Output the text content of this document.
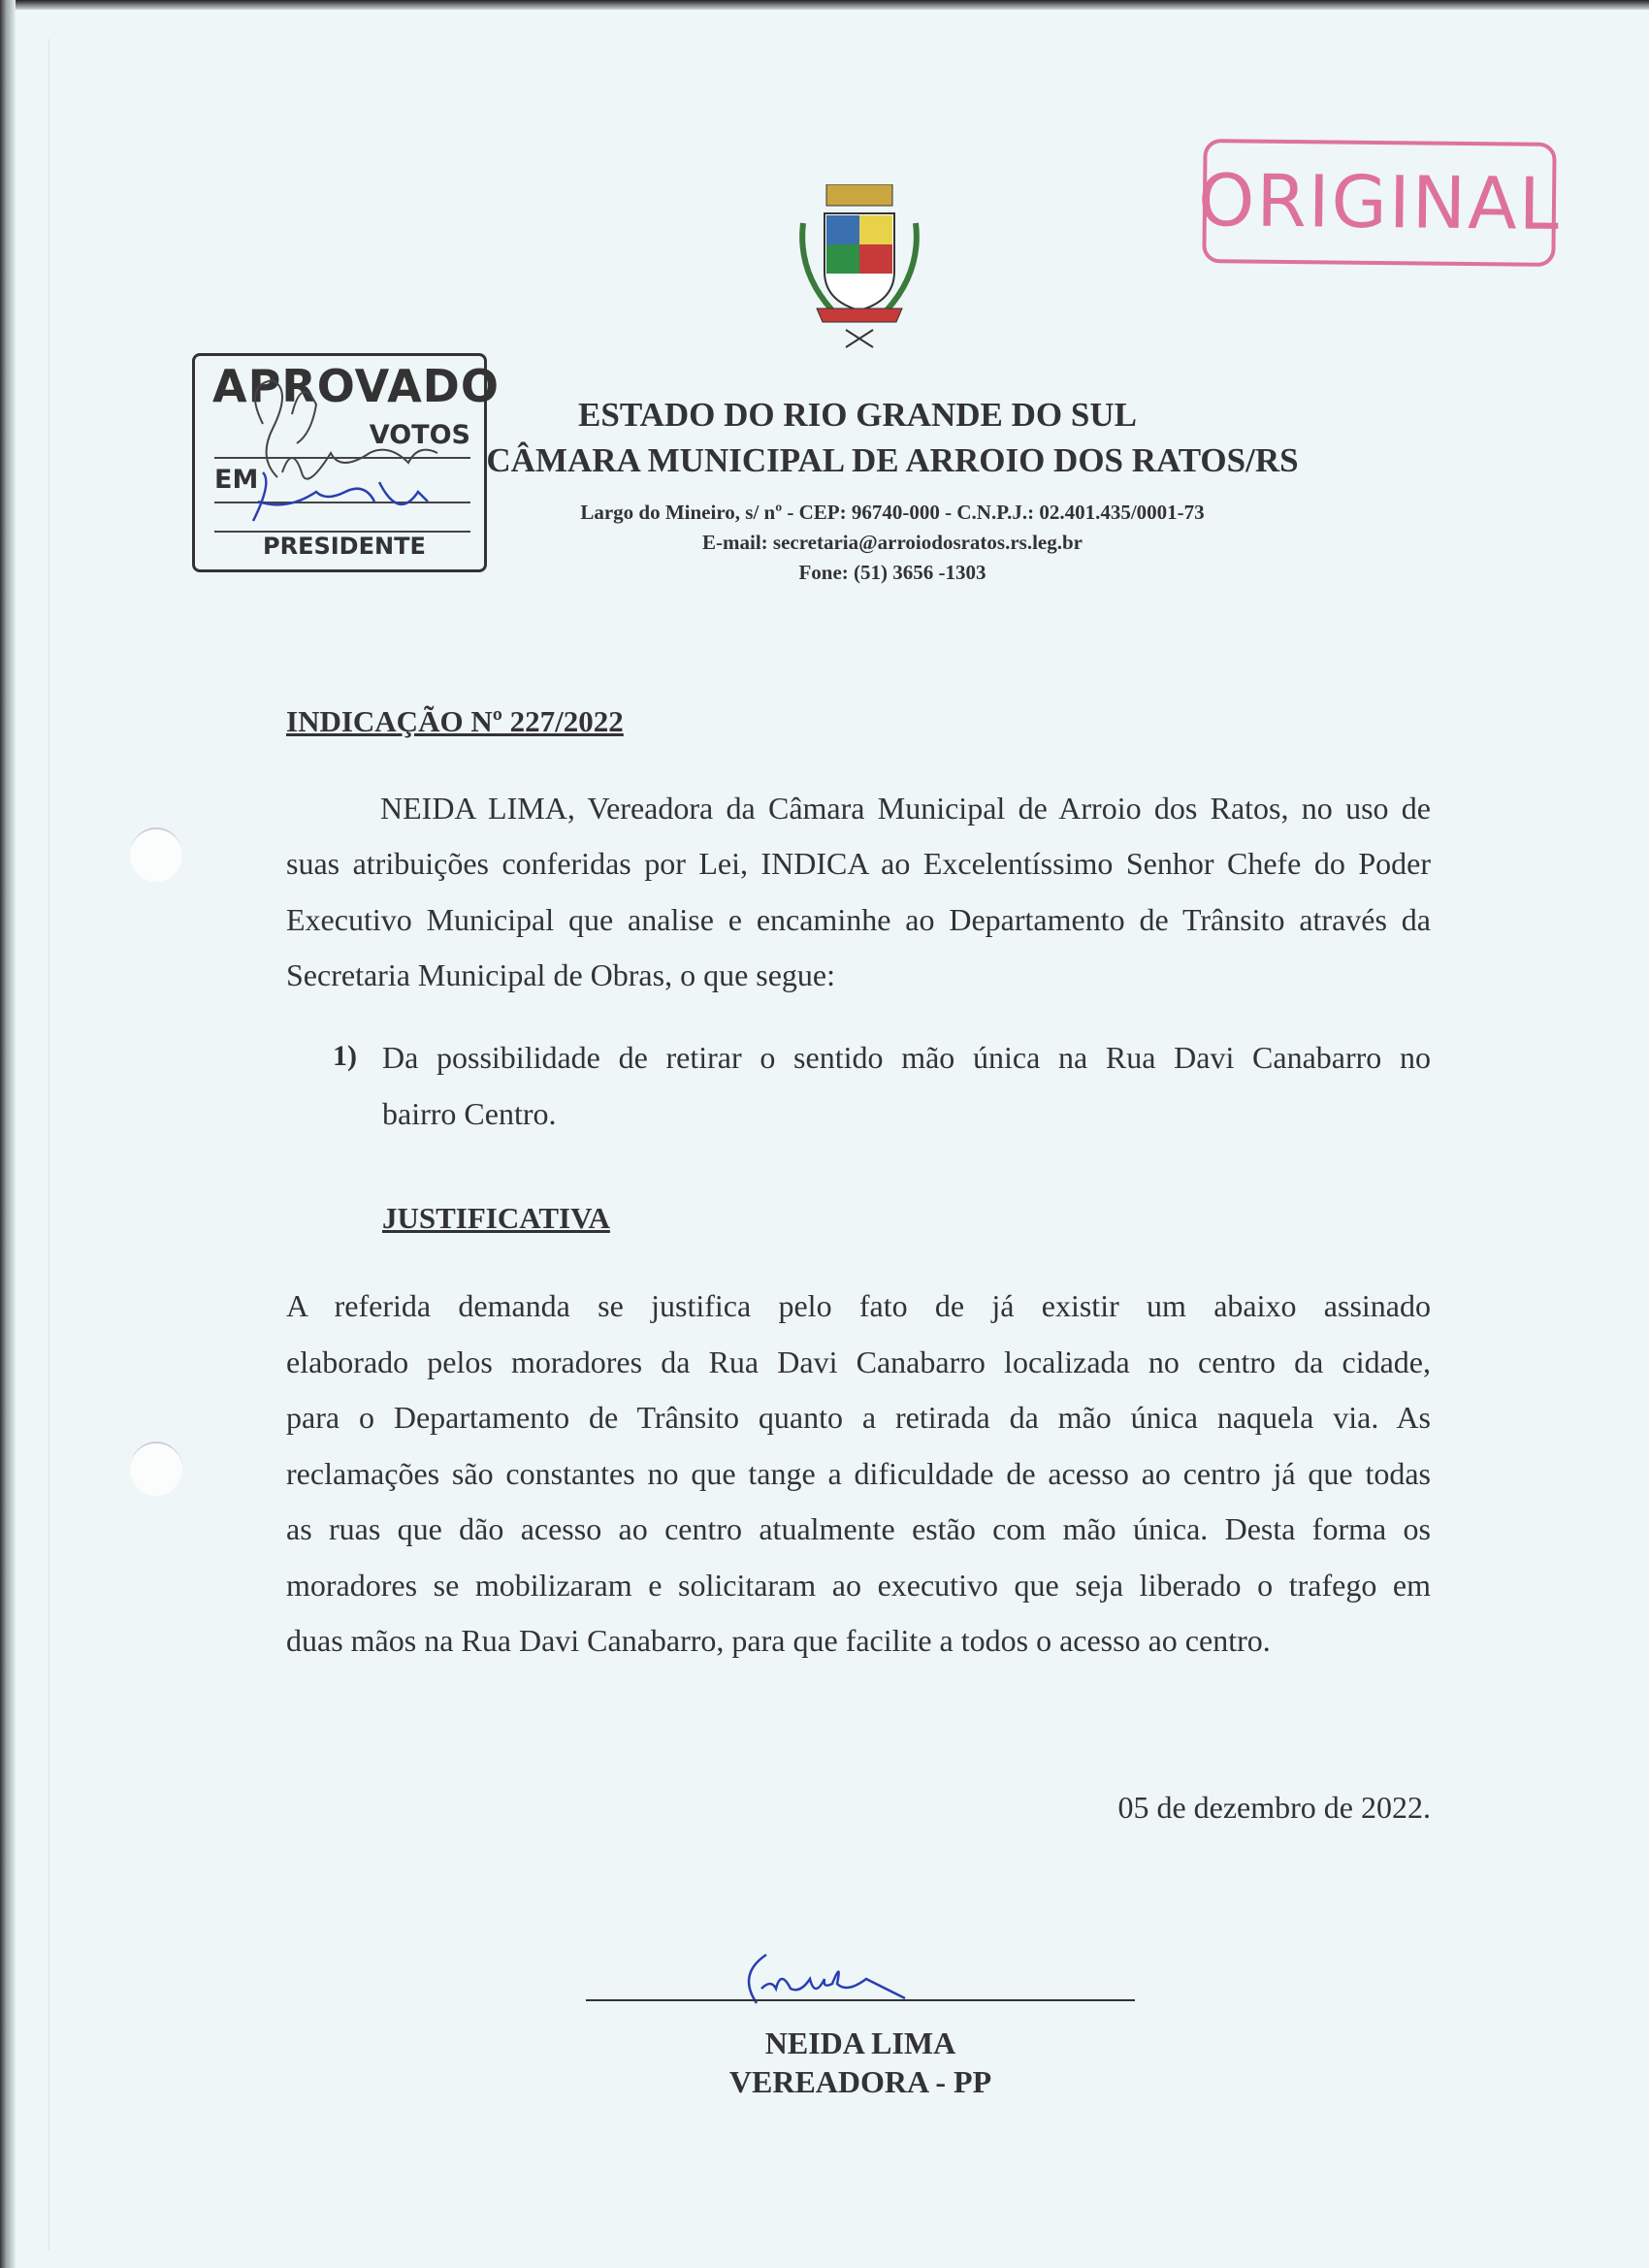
ORIGINAL
APROVADO
VOTOS
EM
PRESIDENTE
ESTADO DO RIO GRANDE DO SUL
CÂMARA MUNICIPAL DE ARROIO DOS RATOS/RS
Largo do Mineiro, s/ nº - CEP: 96740-000 - C.N.P.J.: 02.401.435/0001-73
E-mail: secretaria@arroiodosratos.rs.leg.br
Fone: (51) 3656 -1303
INDICAÇÃO Nº 227/2022
NEIDA LIMA, Vereadora da Câmara Municipal de Arroio dos Ratos, no uso de
suas atribuições conferidas por Lei, INDICA ao Excelentíssimo Senhor Chefe do Poder
Executivo Municipal que analise e encaminhe ao Departamento de Trânsito através da
Secretaria Municipal de Obras, o que segue:
1) Da possibilidade de retirar o sentido mão única na Rua Davi Canabarro no
bairro Centro.
JUSTIFICATIVA
A referida demanda se justifica pelo fato de já existir um abaixo assinado
elaborado pelos moradores da Rua Davi Canabarro localizada no centro da cidade,
para o Departamento de Trânsito quanto a retirada da mão única naquela via. As
reclamações são constantes no que tange a dificuldade de acesso ao centro já que todas
as ruas que dão acesso ao centro atualmente estão com mão única. Desta forma os
moradores se mobilizaram e solicitaram ao executivo que seja liberado o trafego em
duas mãos na Rua Davi Canabarro, para que facilite a todos o acesso ao centro.
05 de dezembro de 2022.
NEIDA LIMA
VEREADORA - PP
